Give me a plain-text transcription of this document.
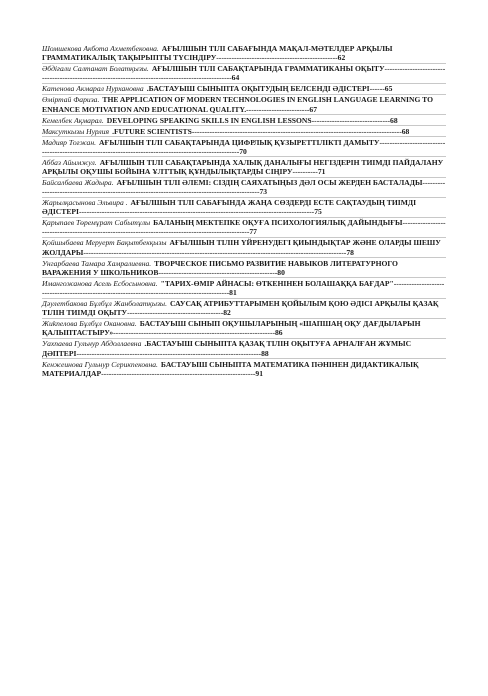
Шомшекова Акбота Ахметбековна. АҒЫЛШЫН ТІЛІ САБАҒЫНДА МАҚАЛ-МӘТЕЛДЕР АРҚЫЛЫ ГРАММАТИКАЛЫҚ ТАҚЫРЫПТЫ ТҮСІНДІРУ------------------------------------------------62
Әбдіғали Салтанат Болатқызы. АҒЫЛШЫН ТІЛІ САБАҚТАРЫНДА ГРАММАТИКАНЫ ОҚЫТУ---------------------------------------------------------------------------------------------------64
Катенова Акмарал Нурхановна .БАСТАУЫШ СЫНЫПТА ОҚЫТУДЫҢ БЕЛСЕНДІ ӘДІСТЕРІ------65
Өміртай Фариза. THE APPLICATION OF MODERN TECHNOLOGIES IN ENGLISH LANGUAGE LEARNING TO ENHANCE MOTIVATION AND EDUCATIONAL QUALITY.-------------------------67
Кемелбек Ақмарал. DEVELOPING SPEAKING SKILLS IN ENGLISH LESSONS-------------------------------68
Максуткызы Нурлия .FUTURE SCIENTISTS-----------------------------------------------------------------------------------68
Мадияр Тоғжан. АҒЫЛШЫН ТІЛІ САБАҚТАРЫНДА ЦИФРЛЫҚ ҚҰЗЫРЕТТІЛІКТІ ДАМЫТУ--------------------------------------------------------------------------------------------------------70
Аббаз Айымжул. АҒЫЛШЫН ТІЛІ САБАҚТАРЫНДА ХАЛЫҚ ДАНАЛЫҒЫ НЕГІЗДЕРІН ТИІМДІ ПАЙДАЛАНУ АРҚЫЛЫ ОҚУШЫ БОЙЫНА ҰЛТТЫҚ ҚҰНДЫЛЫҚТАРДЫ СІҢІРУ----------71
Байсалбаева Жадыра. АҒЫЛШЫН ТІЛІ ӘЛЕМІ: СІЗДІҢ САЯХАТЫҢЫЗ ДӘЛ ОСЫ ЖЕРДЕН БАСТАЛАДЫ-----------------------------------------------------------------------------------------------73
Жарылқасынова Эльвира . АҒЫЛШЫН ТІЛІ САБАҒЫНДА ЖАҢА СӨЗДЕРДІ ЕСТЕ САҚТАУДЫҢ ТИІМДІ ӘДІСТЕРІ---------------------------------------------------------------------------------------------75
Қарыпаев Төремұрат Сабытұлы БАЛАНЫҢ МЕКТЕПКЕ ОҚУҒА ПСИХОЛОГИЯЛЫҚ ДАЙЫНДЫҒЫ---------------------------------------------------------------------------------------------------77
Қойшыбаева Меруерт Бақытбекқызы АҒЫЛШЫН ТІЛІН ҮЙРЕНУДЕГІ ҚИЫНДЫҚТАР ЖӘНЕ ОЛАРДЫ ШЕШУ ЖОЛДАРЫ--------------------------------------------------------------------------------------------------------78
Унгарбаева Тамара Хамралиевна. ТВОРЧЕСКОЕ ПИСЬМО РАЗВИТИЕ НАВЫКОВ ЛИТЕРАТУРНОГО ВАРАЖЕНИЯ У ШКОЛЬНИКОВ-----------------------------------------------80
Имангожанова Асель Есбосыновна. "ТАРИХ-ӨМІР АЙНАСЫ: ӨТКЕНІНЕН БОЛАШАҚҚА БАҒДАР"----------------------------------------------------------------------------------------------81
Дәулетбакова Бұлбұл Жанболатқызы. САУСАҚ АТРИБУТТАРЫМЕН ҚОЙЫЛЫМ ҚОЮ ӘДІСІ АРҚЫЛЫ ҚАЗАҚ ТІЛІН ТИІМДІ ОҚЫТУ--------------------------------------82
Жиkпелова Бұлбұл Окановна. БАСТАУЫШ СЫНЫП ОҚУШЫЛАРЫНЫҢ «ШАПШАҢ ОҚУ ДАҒДЫЛАРЫН ҚАЛЫПТАСТЫРУ»----------------------------------------------------------------86
Уахпаева Гульнур Абдоллаевна .БАСТАУЫШ СЫНЫПТА ҚАЗАҚ ТІЛІН ОҚЫТУҒА АРНАЛҒАН ЖҰМЫС ДӘПТЕРІ-------------------------------------------------------------------------88
Кенжеинова Гульнур Серикпековна. БАСТАУЫШ СЫНЫПТА МАТЕМАТИКА ПӘНІНЕН ДИДАКТИКАЛЫҚ МАТЕРИАЛДАР-------------------------------------------------------------91
